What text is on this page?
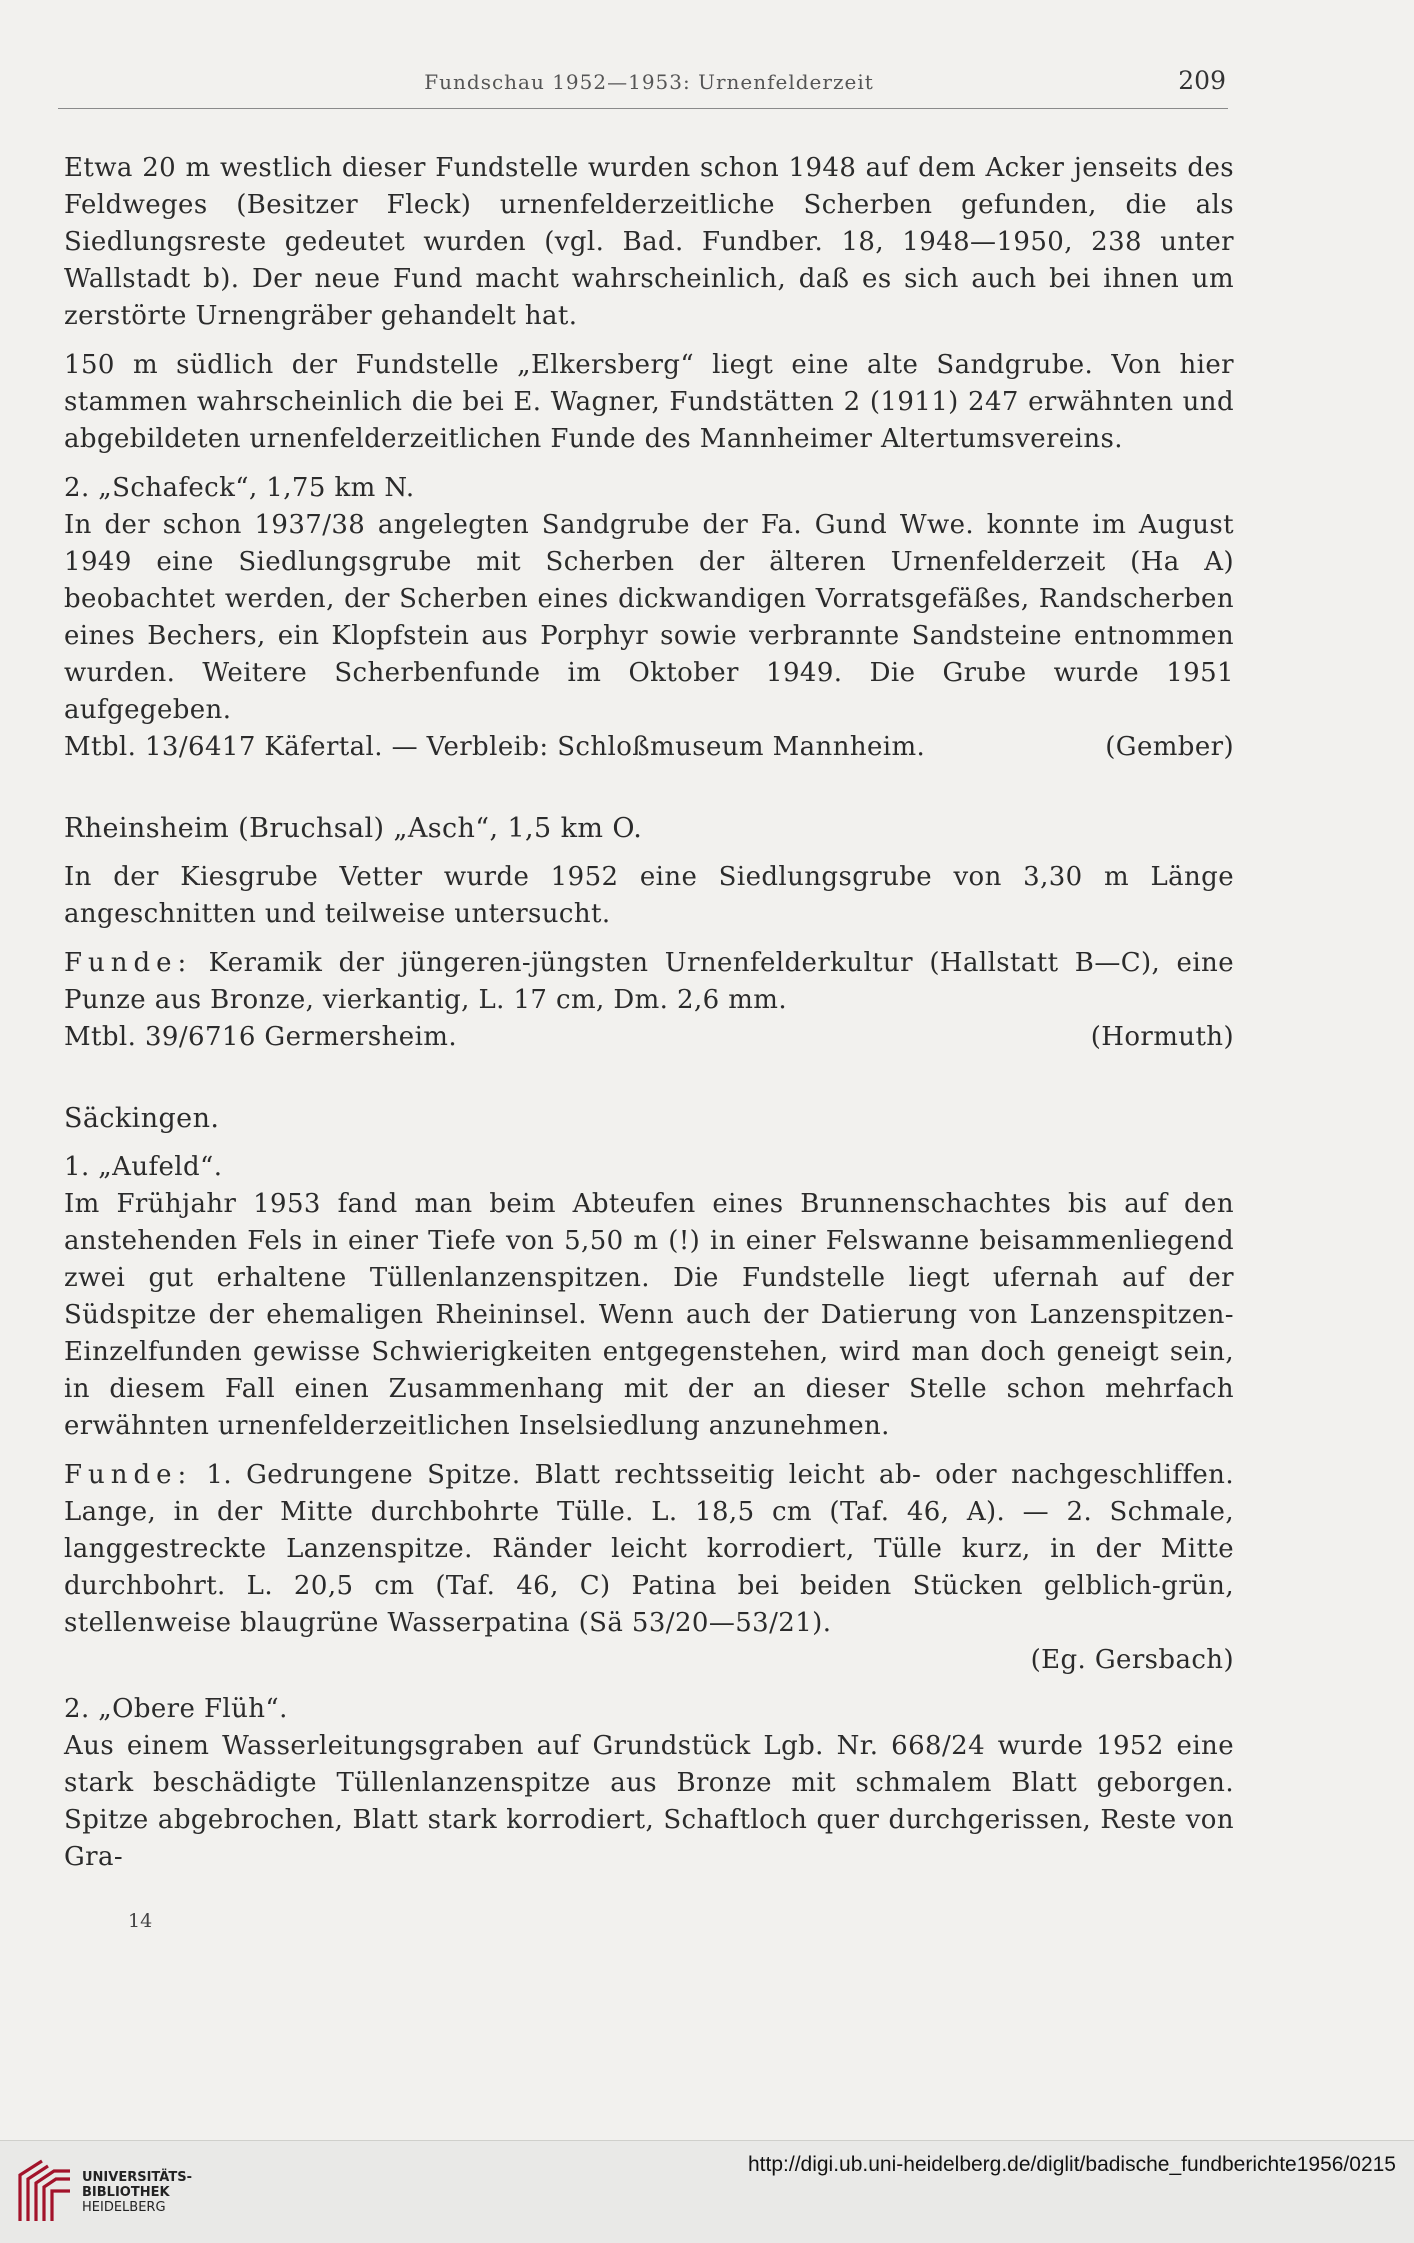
Fundschau 1952—1953: Urnenfelderzeit	209

Etwa 20 m westlich dieser Fundstelle wurden schon 1948 auf dem Acker jenseits des Feldweges (Besitzer Fleck) urnenfelderzeitliche Scherben gefunden, die als Siedlungsreste gedeutet wurden (vgl. Bad. Fundber. 18, 1948—1950, 238 unter Wallstadt b). Der neue Fund macht wahrscheinlich, daß es sich auch bei ihnen um zerstörte Urnengräber gehandelt hat.

150 m südlich der Fundstelle „Elkersberg“ liegt eine alte Sandgrube. Von hier stammen wahrscheinlich die bei E. Wagner, Fundstätten 2 (1911) 247 erwähnten und abgebildeten urnenfelderzeitlichen Funde des Mannheimer Altertumsvereins.

2. „Schafeck“, 1,75 km N.

In der schon 1937/38 angelegten Sandgrube der Fa. Gund Wwe. konnte im August 1949 eine Siedlungsgrube mit Scherben der älteren Urnenfelderzeit (Ha A) beobachtet werden, der Scherben eines dickwandigen Vorratsgefäßes, Randscherben eines Bechers, ein Klopfstein aus Porphyr sowie verbrannte Sandsteine entnommen wurden. Weitere Scherbenfunde im Oktober 1949. Die Grube wurde 1951 aufgegeben.

Mtbl. 13/6417 Käfertal. — Verbleib: Schloßmuseum Mannheim.	(Gember)

Rheinsheim (Bruchsal) „Asch“, 1,5 km O.

In der Kiesgrube Vetter wurde 1952 eine Siedlungsgrube von 3,30 m Länge angeschnitten und teilweise untersucht.

Funde: Keramik der jüngeren-jüngsten Urnenfelderkultur (Hallstatt B—C), eine Punze aus Bronze, vierkantig, L. 17 cm, Dm. 2,6 mm.

Mtbl. 39/6716 Germersheim.	(Hormuth)

Säckingen.

1. „Aufeld“.

Im Frühjahr 1953 fand man beim Abteufen eines Brunnenschachtes bis auf den anstehenden Fels in einer Tiefe von 5,50 m (!) in einer Felswanne beisammenliegend zwei gut erhaltene Tüllenlanzenspitzen. Die Fundstelle liegt ufernah auf der Südspitze der ehemaligen Rheininsel. Wenn auch der Datierung von Lanzenspitzen-Einzelfunden gewisse Schwierigkeiten entgegenstehen, wird man doch geneigt sein, in diesem Fall einen Zusammenhang mit der an dieser Stelle schon mehrfach erwähnten urnenfelderzeitlichen Inselsiedlung anzunehmen.

Funde: 1. Gedrungene Spitze. Blatt rechtsseitig leicht ab- oder nachgeschliffen. Lange, in der Mitte durchbohrte Tülle. L. 18,5 cm (Taf. 46, A). — 2. Schmale, langgestreckte Lanzenspitze. Ränder leicht korrodiert, Tülle kurz, in der Mitte durchbohrt. L. 20,5 cm (Taf. 46, C) Patina bei beiden Stücken gelblich-grün, stellenweise blaugrüne Wasserpatina (Sä 53/20—53/21).

(Eg. Gersbach)

2. „Obere Flüh“.

Aus einem Wasserleitungsgraben auf Grundstück Lgb. Nr. 668/24 wurde 1952 eine stark beschädigte Tüllenlanzenspitze aus Bronze mit schmalem Blatt geborgen. Spitze abgebrochen, Blatt stark korrodiert, Schaftloch quer durchgerissen, Reste von Gra-

14
UNIVERSITÄTS-
BIBLIOTHEK
HEIDELBERG
http://digi.ub.uni-heidelberg.de/diglit/badische_fundberichte1956/0215
